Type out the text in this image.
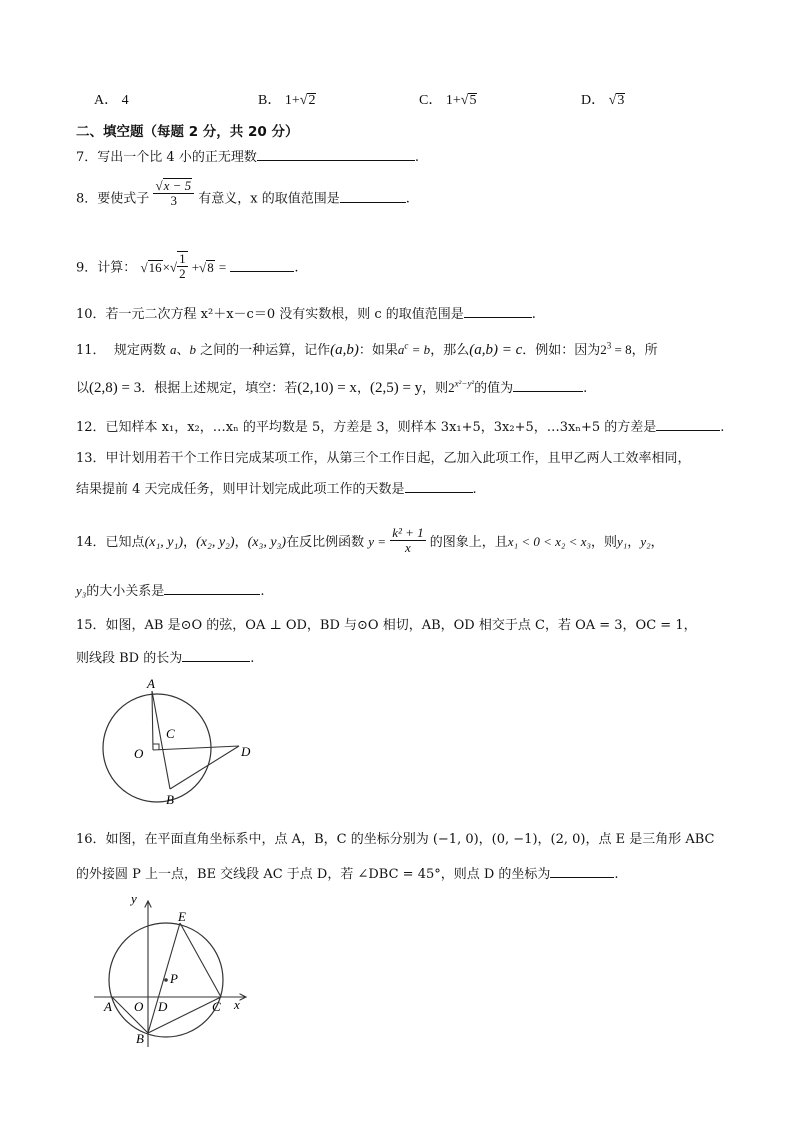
A． 4	B． 1+√2	C． 1+√5	D． √3
二、填空题（每题 2 分，共 20 分）
7．写出一个比 4 小的正无理数	.
8．要使式子 $\frac{√x - 5}{3}$ 有意义，x 的取值范围是	.
9．计算： $√16\times√ \frac{1}{2} +√8$ =	.
10．若一元二次方程 x²＋x－c＝0 没有实数根，则 c 的取值范围是	.
11． 规定两数 a、b 之间的一种运算，记作(a,b)：如果$a^c = b$，那么(a,b) = c．例如：因为$2^3 = 8$，所
以(2,8) = 3．根据上述规定，填空：若(2,10) = x，(2,5) = y，则$2^{x^2-y^2}$的值为	.
12．已知样本 x₁，x₂，…xₙ 的平均数是 5，方差是 3，则样本 3x₁+5，3x₂+5，…3xₙ+5 的方差是	.
13．甲计划用若干个工作日完成某项工作，从第三个工作日起，乙加入此项工作，且甲乙两人工效率相同，
结果提前 4 天完成任务，则甲计划完成此项工作的天数是	.
14．已知点(x₁, y₁)，(x₂, y₂)，(x₃, y₃)在反比例函数 $y = \frac{\text{k² + 1}}{x}$ 的图象上，且x₁ < 0 < x₂ < x₃，则y₁，y₂，
y₃的大小关系是	.
15．如图，AB 是⊙O 的弦，OA ⊥ OD，BD 与⊙O 相切，AB，OD 相交于点 C，若 OA = 3，OC = 1，
则线段 BD 的长为	.
A
B
C
D
O
16．如图，在平面直角坐标系中，点 A，B，C 的坐标分别为 (−1, 0)，(0, −1)，(2, 0)，点 E 是三角形 ABC
的外接圆 P 上一点，BE 交线段 AC 于点 D，若 ∠DBC = 45°，则点 D 的坐标为	.
y
x
A
B
C
D
E
O
P
